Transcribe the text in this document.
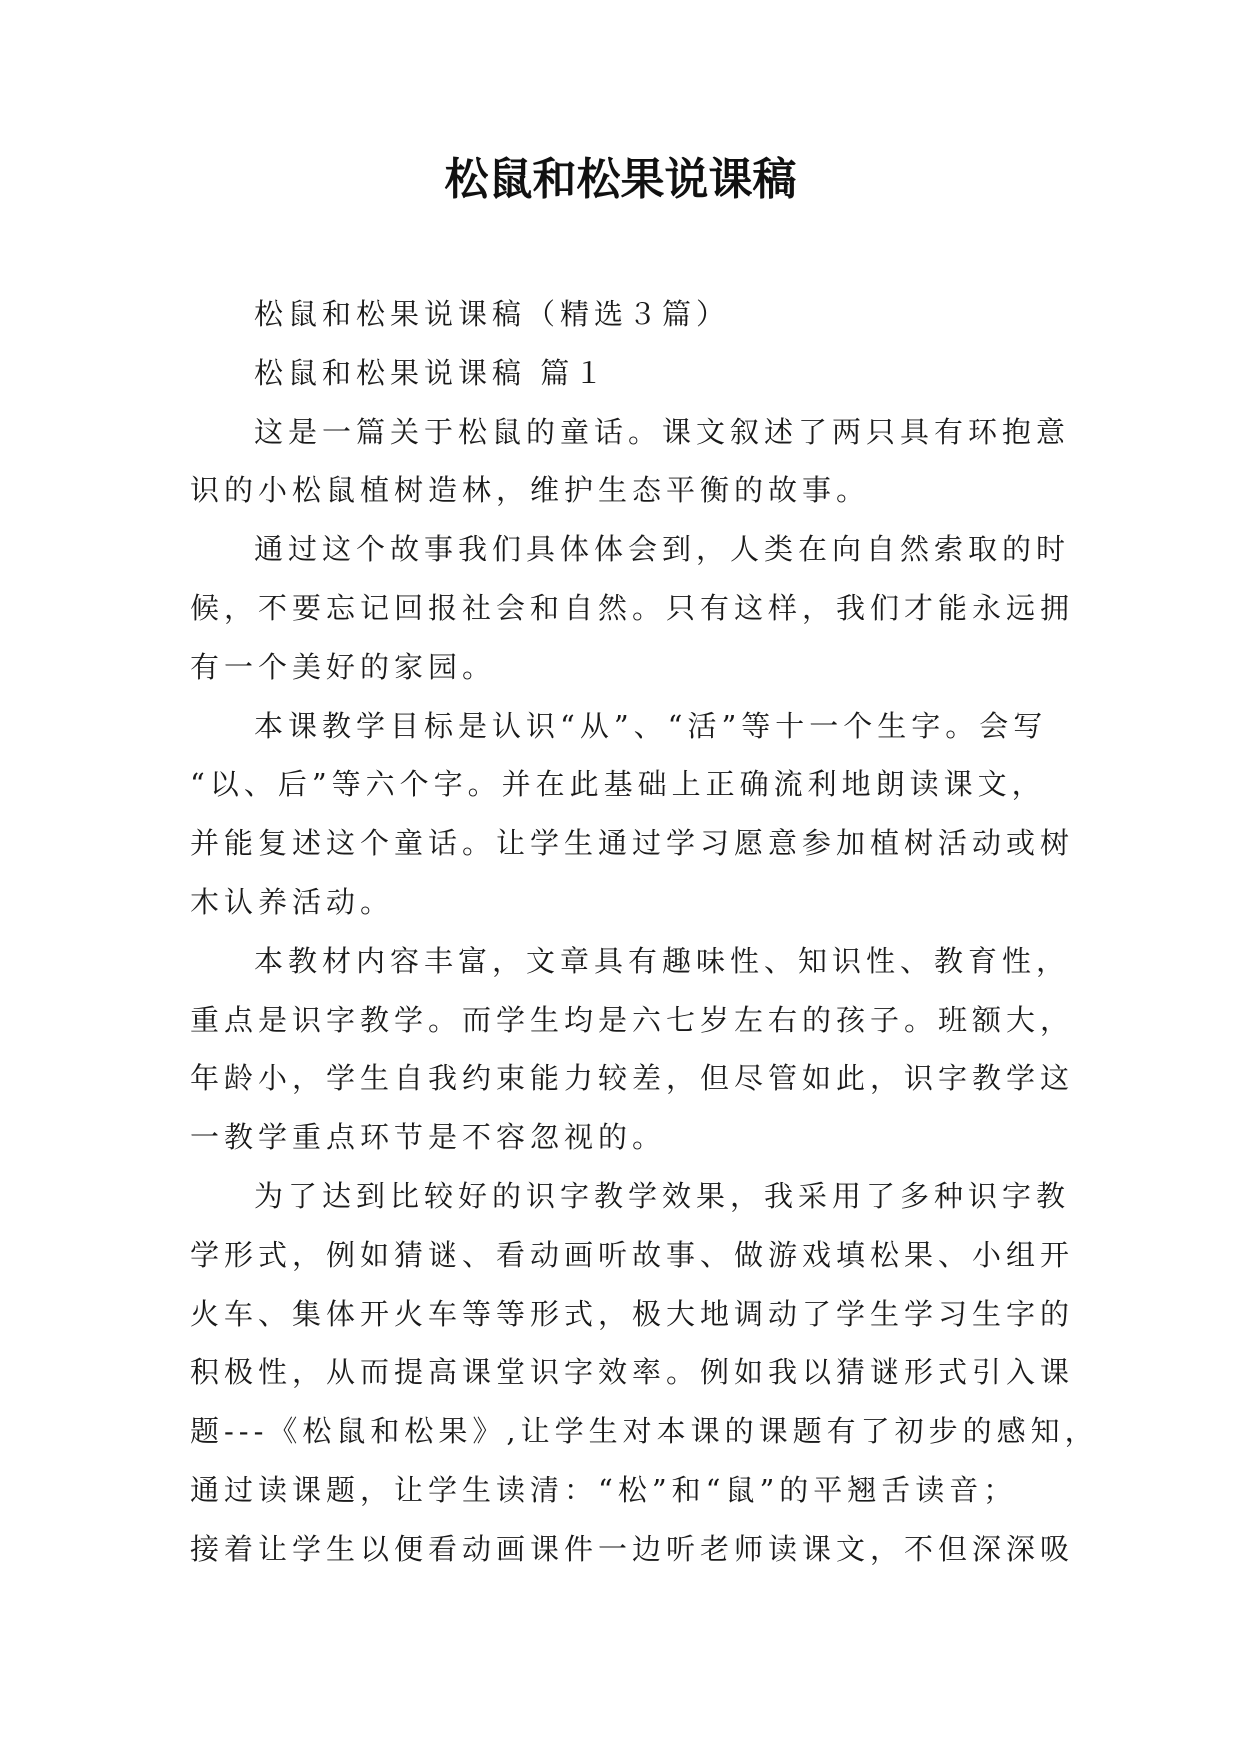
松鼠和松果说课稿
松鼠和松果说课稿（精选３篇）
松鼠和松果说课稿 篇１
这是一篇关于松鼠的童话。课文叙述了两只具有环抱意
识的小松鼠植树造林，维护生态平衡的故事。
通过这个故事我们具体体会到，人类在向自然索取的时
候，不要忘记回报社会和自然。只有这样，我们才能永远拥
有一个美好的家园。
本课教学目标是认识“从”、“活”等十一个生字。会写
“以、后”等六个字。并在此基础上正确流利地朗读课文，
并能复述这个童话。让学生通过学习愿意参加植树活动或树
木认养活动。
本教材内容丰富，文章具有趣味性、知识性、教育性，
重点是识字教学。而学生均是六七岁左右的孩子。班额大，
年龄小，学生自我约束能力较差，但尽管如此，识字教学这
一教学重点环节是不容忽视的。
为了达到比较好的识字教学效果，我采用了多种识字教
学形式，例如猜谜、看动画听故事、做游戏填松果、小组开
火车、集体开火车等等形式，极大地调动了学生学习生字的
积极性，从而提高课堂识字效率。例如我以猜谜形式引入课
题---《松鼠和松果》,让学生对本课的课题有了初步的感知，
通过读课题，让学生读清：“松”和“鼠”的平翘舌读音；
接着让学生以便看动画课件一边听老师读课文，不但深深吸
